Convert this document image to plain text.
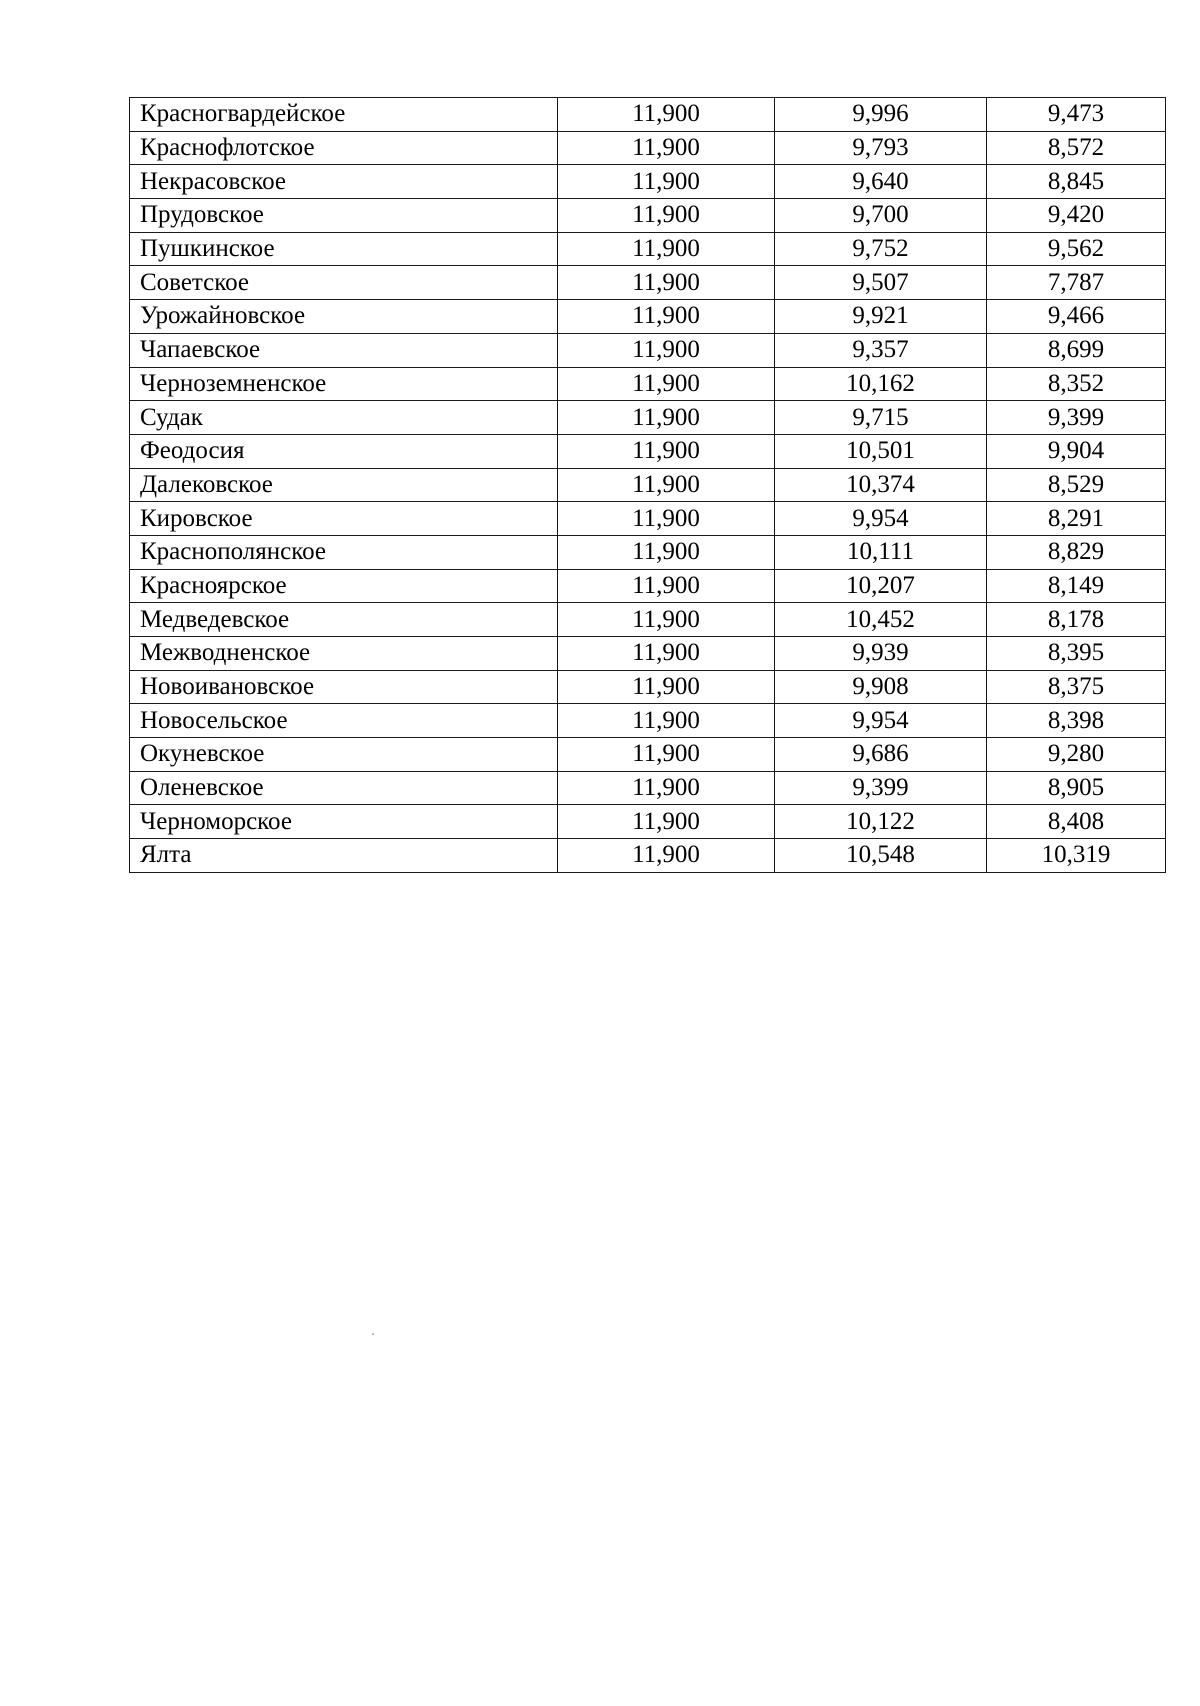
Красногвардейское	11,900	9,996	9,473
Краснофлотское	11,900	9,793	8,572
Некрасовское	11,900	9,640	8,845
Прудовское	11,900	9,700	9,420
Пушкинское	11,900	9,752	9,562
Советское	11,900	9,507	7,787
Урожайновское	11,900	9,921	9,466
Чапаевское	11,900	9,357	8,699
Черноземненское	11,900	10,162	8,352
Судак	11,900	9,715	9,399
Феодосия	11,900	10,501	9,904
Далековское	11,900	10,374	8,529
Кировское	11,900	9,954	8,291
Краснополянское	11,900	10,111	8,829
Красноярское	11,900	10,207	8,149
Медведевское	11,900	10,452	8,178
Межводненское	11,900	9,939	8,395
Новоивановское	11,900	9,908	8,375
Новосельское	11,900	9,954	8,398
Окуневское	11,900	9,686	9,280
Оленевское	11,900	9,399	8,905
Черноморское	11,900	10,122	8,408
Ялта	11,900	10,548	10,319
